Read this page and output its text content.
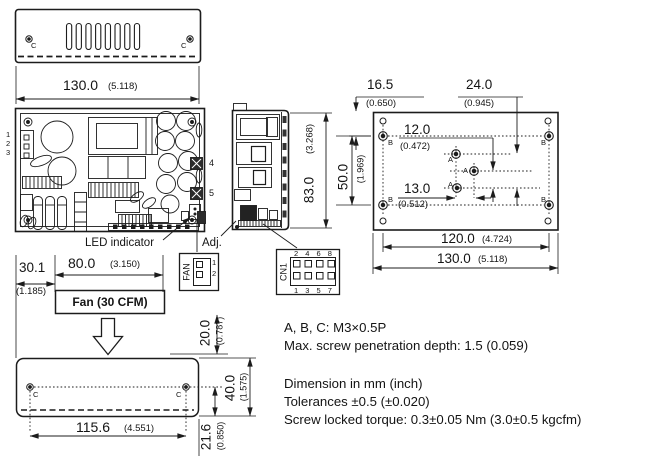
C	C
130.0 (5.118)
1
2
3
4
5
LED indicator	Adj.
FAN
1
2	CN1
2 4 6 8
1 3 5 7
83.0
(3.268)
50.0 (1.969)
16.5
(0.650)
24.0
(0.945)
12.0
(0.472)
13.0
(0.512)
B	B
B	B
A
A
A
120.0 (4.724)
130.0 (5.118)
30.1
(1.185)
80.0 (3.150)
Fan (30 CFM)
C	C
115.6 (4.551)	21.6 (0.850)
40.0 (1.575)
20.0 (0.787)	A, B, C: M3×0.5P
Max. screw penetration depth: 1.5 (0.059)
Dimension in mm (inch)
Tolerances ±0.5 (±0.020)
Screw locked torque: 0.3±0.05 Nm (3.0±0.5 kgcfm)
